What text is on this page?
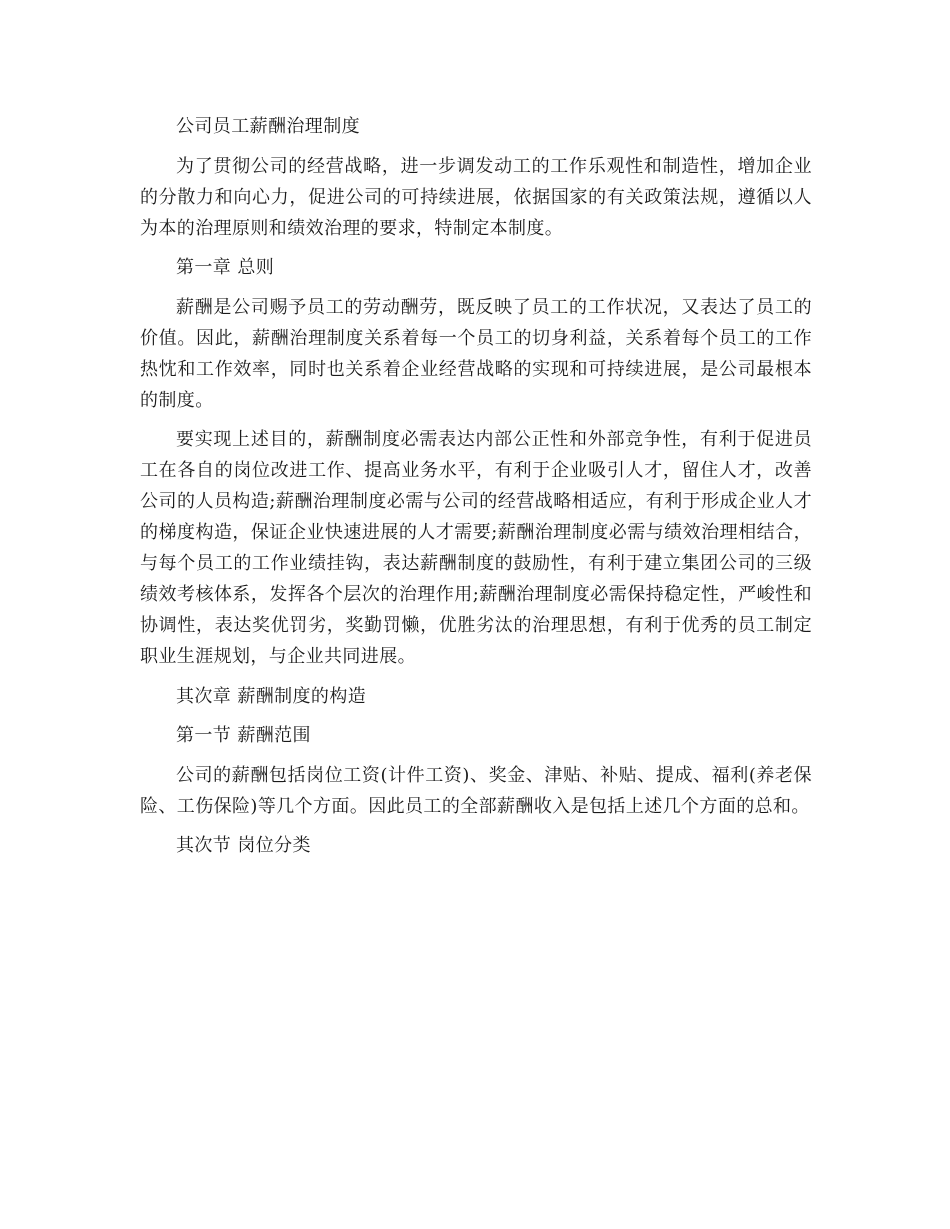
公司员工薪酬治理制度

为了贯彻公司的经营战略，进一步调发动工的工作乐观性和制造性，增加企业的分散力和向心力，促进公司的可持续进展，依据国家的有关政策法规，遵循以人为本的治理原则和绩效治理的要求，特制定本制度。

第一章 总则

薪酬是公司赐予员工的劳动酬劳，既反映了员工的工作状况，又表达了员工的价值。因此，薪酬治理制度关系着每一个员工的切身利益，关系着每个员工的工作热忱和工作效率，同时也关系着企业经营战略的实现和可持续进展，是公司最根本的制度。

要实现上述目的，薪酬制度必需表达内部公正性和外部竞争性，有利于促进员工在各自的岗位改进工作、提高业务水平，有利于企业吸引人才，留住人才，改善公司的人员构造;薪酬治理制度必需与公司的经营战略相适应，有利于形成企业人才的梯度构造，保证企业快速进展的人才需要;薪酬治理制度必需与绩效治理相结合，与每个员工的工作业绩挂钩，表达薪酬制度的鼓励性，有利于建立集团公司的三级绩效考核体系，发挥各个层次的治理作用;薪酬治理制度必需保持稳定性，严峻性和协调性，表达奖优罚劣，奖勤罚懒，优胜劣汰的治理思想，有利于优秀的员工制定职业生涯规划，与企业共同进展。

其次章 薪酬制度的构造

第一节 薪酬范围

公司的薪酬包括岗位工资(计件工资)、奖金、津贴、补贴、提成、福利(养老保险、工伤保险)等几个方面。因此员工的全部薪酬收入是包括上述几个方面的总和。

其次节 岗位分类
